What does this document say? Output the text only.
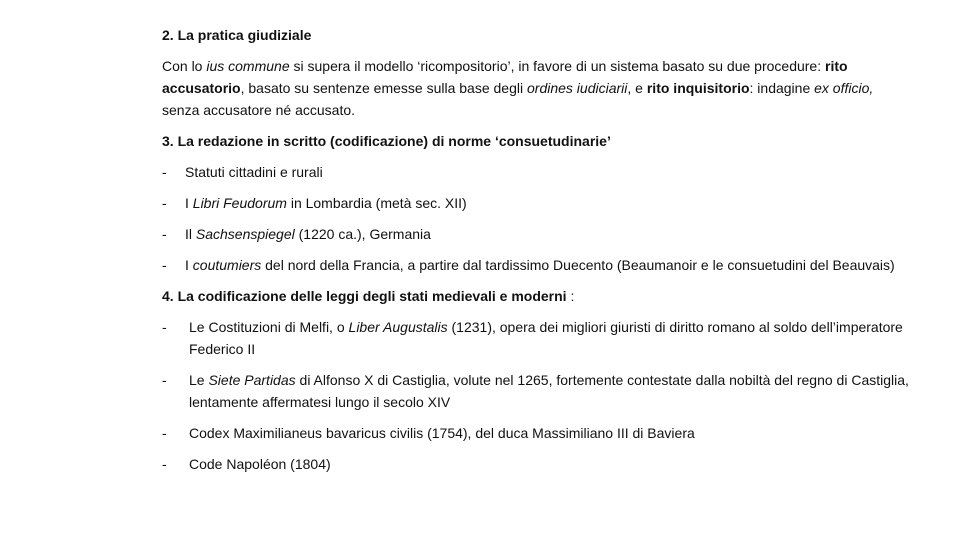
2. La pratica giudiziale
Con lo ius commune si supera il modello ‘ricompositorio’, in favore di un sistema basato su due procedure: rito accusatorio, basato su sentenze emesse sulla base degli ordines iudiciarii, e rito inquisitorio: indagine ex officio, senza accusatore né accusato.
3. La redazione in scritto (codificazione) di norme ‘consuetudinarie’
- Statuti cittadini e rurali
- I Libri Feudorum in Lombardia (metà sec. XII)
- Il Sachsenspiegel (1220 ca.), Germania
- I coutumiers del nord della Francia, a partire dal tardissimo Duecento (Beaumanoir e le consuetudini del Beauvais)
4. La codificazione delle leggi degli stati medievali e moderni :
- Le Costituzioni di Melfi, o Liber Augustalis (1231), opera dei migliori giuristi di diritto romano al soldo dell’imperatore Federico II
- Le Siete Partidas di Alfonso X di Castiglia, volute nel 1265, fortemente contestate dalla nobiltà del regno di Castiglia, lentamente affermatesi lungo il secolo XIV
- Codex Maximilianeus bavaricus civilis (1754), del duca Massimiliano III di Baviera
- Code Napoléon (1804)
